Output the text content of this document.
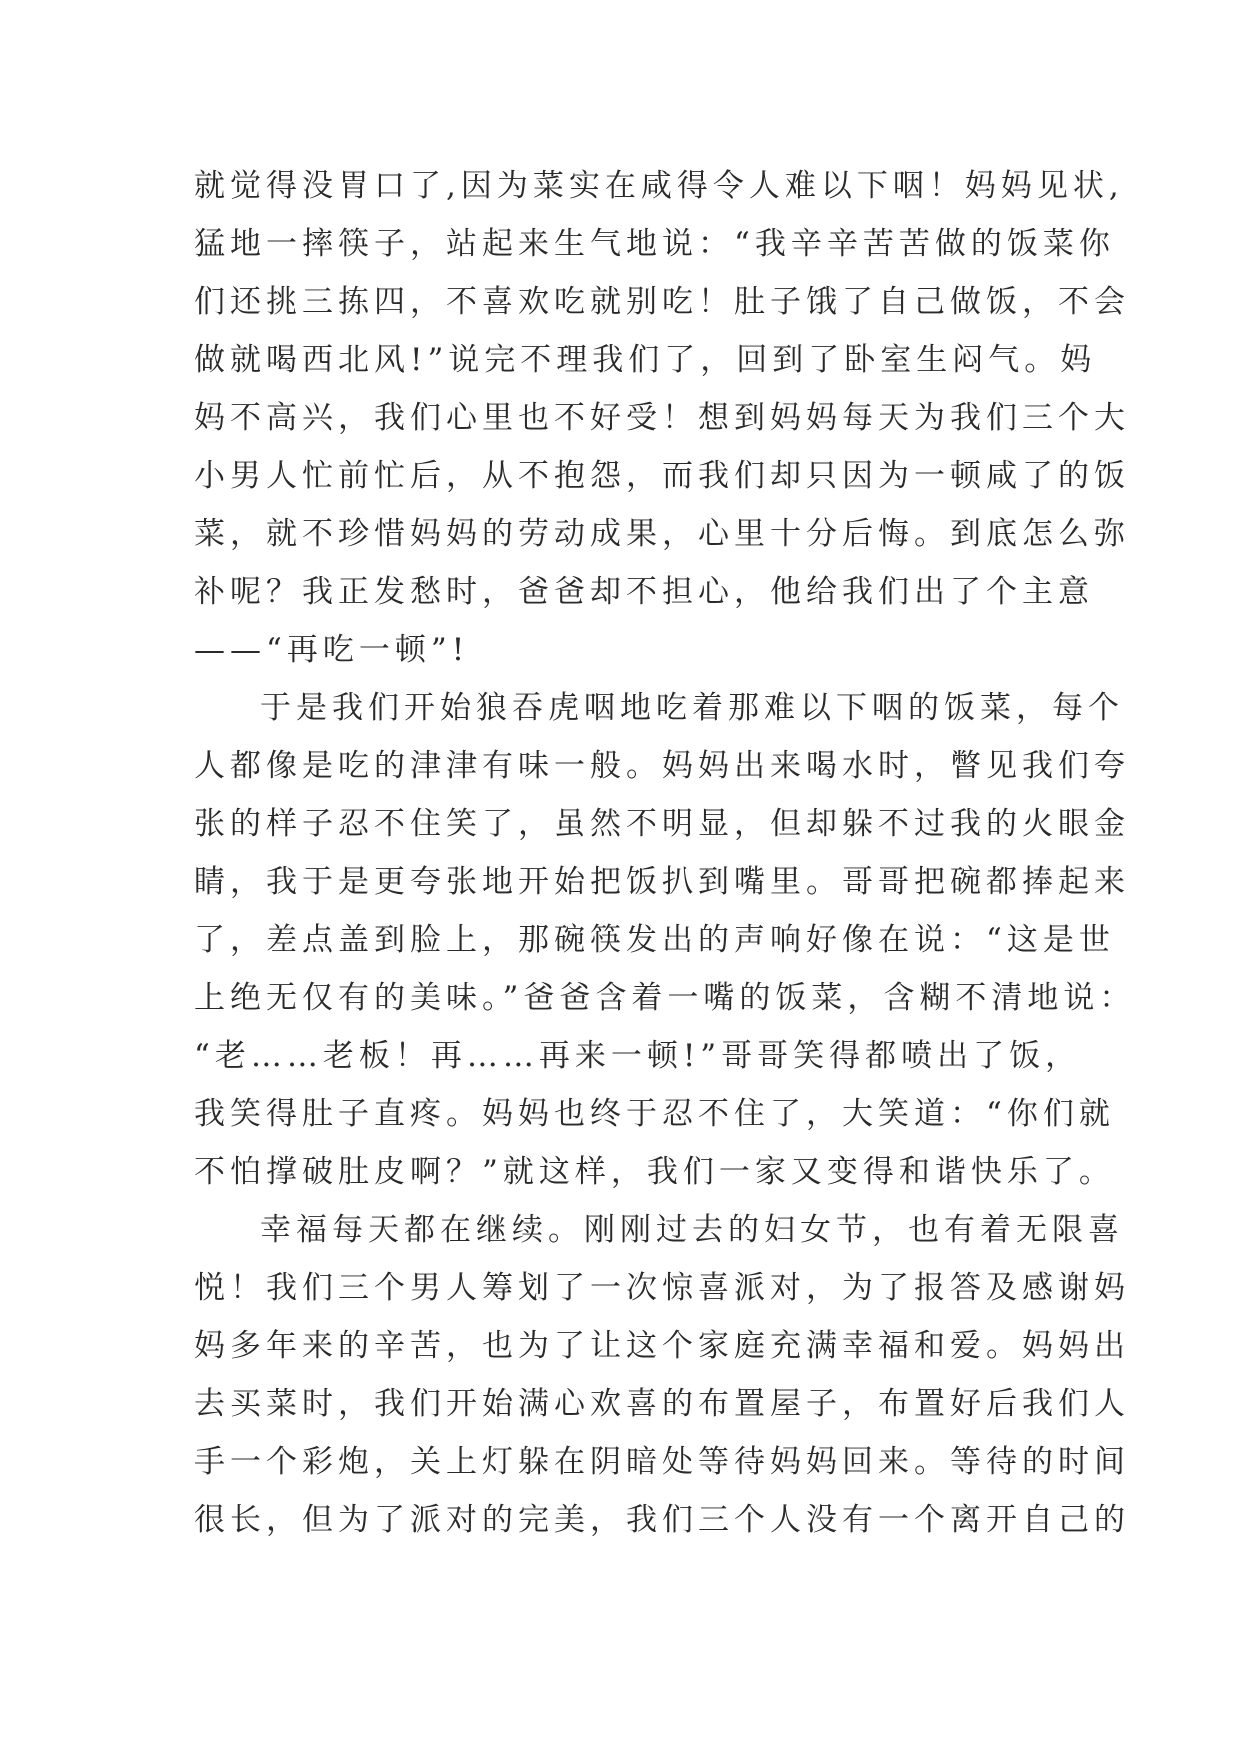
就觉得没胃口了,因为菜实在咸得令人难以下咽！妈妈见状,
猛地一摔筷子，站起来生气地说：“我辛辛苦苦做的饭菜你
们还挑三拣四，不喜欢吃就别吃！肚子饿了自己做饭，不会
做就喝西北风!”说完不理我们了，回到了卧室生闷气。妈
妈不高兴，我们心里也不好受！想到妈妈每天为我们三个大
小男人忙前忙后，从不抱怨，而我们却只因为一顿咸了的饭
菜，就不珍惜妈妈的劳动成果，心里十分后悔。到底怎么弥
补呢？我正发愁时，爸爸却不担心，他给我们出了个主意
——“再吃一顿”!
于是我们开始狼吞虎咽地吃着那难以下咽的饭菜，每个
人都像是吃的津津有味一般。妈妈出来喝水时，瞥见我们夸
张的样子忍不住笑了，虽然不明显，但却躲不过我的火眼金
睛，我于是更夸张地开始把饭扒到嘴里。哥哥把碗都捧起来
了，差点盖到脸上，那碗筷发出的声响好像在说：“这是世
上绝无仅有的美味。”爸爸含着一嘴的饭菜，含糊不清地说：
“老……老板！再……再来一顿!”哥哥笑得都喷出了饭，
我笑得肚子直疼。妈妈也终于忍不住了，大笑道：“你们就
不怕撑破肚皮啊？”就这样，我们一家又变得和谐快乐了。
幸福每天都在继续。刚刚过去的妇女节，也有着无限喜
悦！我们三个男人筹划了一次惊喜派对，为了报答及感谢妈
妈多年来的辛苦，也为了让这个家庭充满幸福和爱。妈妈出
去买菜时，我们开始满心欢喜的布置屋子，布置好后我们人
手一个彩炮，关上灯躲在阴暗处等待妈妈回来。等待的时间
很长，但为了派对的完美，我们三个人没有一个离开自己的
